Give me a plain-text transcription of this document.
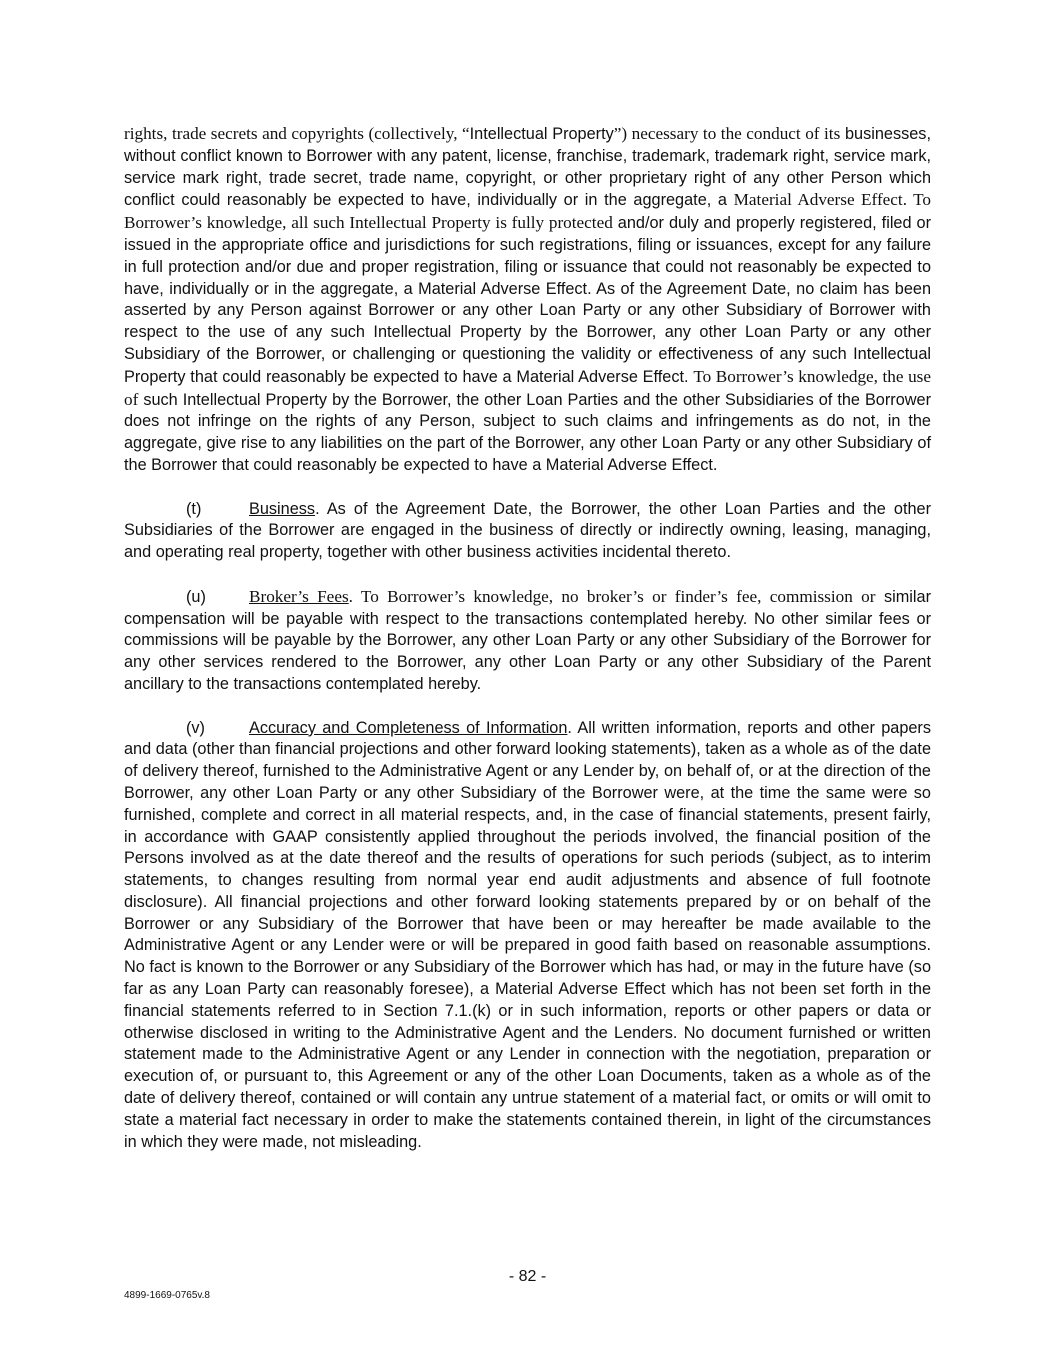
rights, trade secrets and copyrights (collectively, “Intellectual Property”) necessary to the conduct of its businesses, without conflict known to Borrower with any patent, license, franchise, trademark, trademark right, service mark, service mark right, trade secret, trade name, copyright, or other proprietary right of any other Person which conflict could reasonably be expected to have, individually or in the aggregate, a Material Adverse Effect. To Borrower’s knowledge, all such Intellectual Property is fully protected and/or duly and properly registered, filed or issued in the appropriate office and jurisdictions for such registrations, filing or issuances, except for any failure in full protection and/or due and proper registration, filing or issuance that could not reasonably be expected to have, individually or in the aggregate, a Material Adverse Effect. As of the Agreement Date, no claim has been asserted by any Person against Borrower or any other Loan Party or any other Subsidiary of Borrower with respect to the use of any such Intellectual Property by the Borrower, any other Loan Party or any other Subsidiary of the Borrower, or challenging or questioning the validity or effectiveness of any such Intellectual Property that could reasonably be expected to have a Material Adverse Effect. To Borrower’s knowledge, the use of such Intellectual Property by the Borrower, the other Loan Parties and the other Subsidiaries of the Borrower does not infringe on the rights of any Person, subject to such claims and infringements as do not, in the aggregate, give rise to any liabilities on the part of the Borrower, any other Loan Party or any other Subsidiary of the Borrower that could reasonably be expected to have a Material Adverse Effect.

(t)	Business. As of the Agreement Date, the Borrower, the other Loan Parties and the other Subsidiaries of the Borrower are engaged in the business of directly or indirectly owning, leasing, managing, and operating real property, together with other business activities incidental thereto.

(u)	Broker’s Fees. To Borrower’s knowledge, no broker’s or finder’s fee, commission or similar compensation will be payable with respect to the transactions contemplated hereby. No other similar fees or commissions will be payable by the Borrower, any other Loan Party or any other Subsidiary of the Borrower for any other services rendered to the Borrower, any other Loan Party or any other Subsidiary of the Parent ancillary to the transactions contemplated hereby.

(v)	Accuracy and Completeness of Information. All written information, reports and other papers and data (other than financial projections and other forward looking statements), taken as a whole as of the date of delivery thereof, furnished to the Administrative Agent or any Lender by, on behalf of, or at the direction of the Borrower, any other Loan Party or any other Subsidiary of the Borrower were, at the time the same were so furnished, complete and correct in all material respects, and, in the case of financial statements, present fairly, in accordance with GAAP consistently applied throughout the periods involved, the financial position of the Persons involved as at the date thereof and the results of operations for such periods (subject, as to interim statements, to changes resulting from normal year end audit adjustments and absence of full footnote disclosure). All financial projections and other forward looking statements prepared by or on behalf of the Borrower or any Subsidiary of the Borrower that have been or may hereafter be made available to the Administrative Agent or any Lender were or will be prepared in good faith based on reasonable assumptions. No fact is known to the Borrower or any Subsidiary of the Borrower which has had, or may in the future have (so far as any Loan Party can reasonably foresee), a Material Adverse Effect which has not been set forth in the financial statements referred to in Section 7.1.(k) or in such information, reports or other papers or data or otherwise disclosed in writing to the Administrative Agent and the Lenders. No document furnished or written statement made to the Administrative Agent or any Lender in connection with the negotiation, preparation or execution of, or pursuant to, this Agreement or any of the other Loan Documents, taken as a whole as of the date of delivery thereof, contained or will contain any untrue statement of a material fact, or omits or will omit to state a material fact necessary in order to make the statements contained therein, in light of the circumstances in which they were made, not misleading.

- 82 -
4899-1669-0765v.8
